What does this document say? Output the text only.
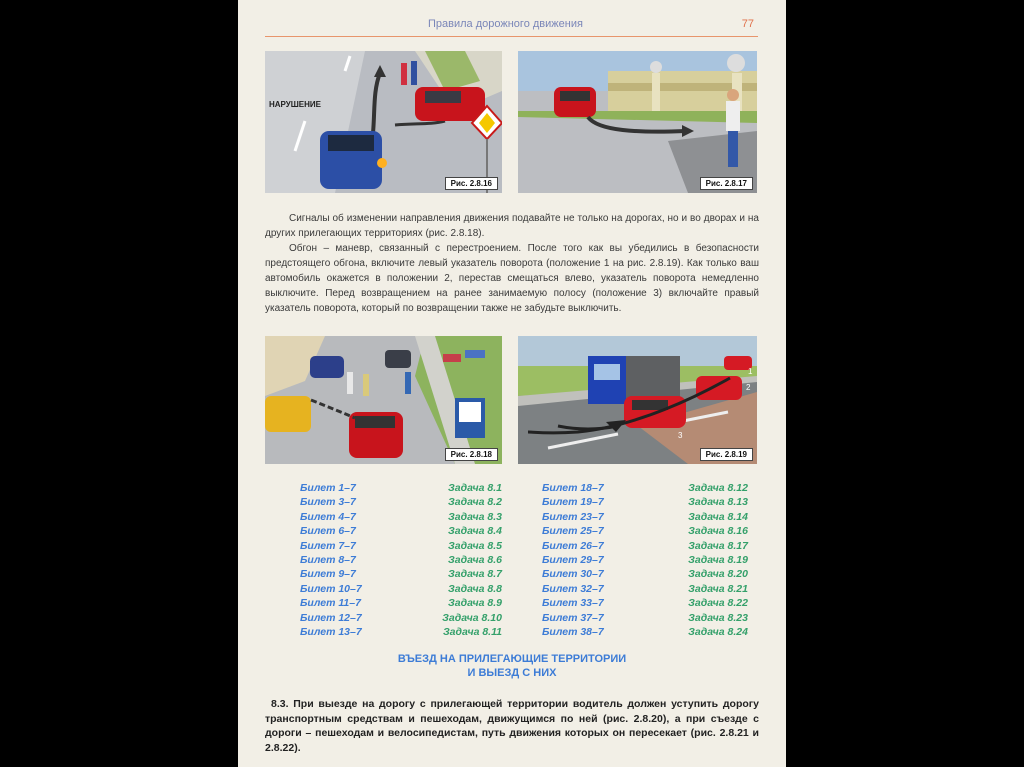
Правила дорожного движения	77
НАРУШЕНИЕ
Рис. 2.8.16	Рис. 2.8.17

Сигналы об изменении направления движения подавайте не только на дорогах, но и во дворах и на других прилегающих территориях (рис. 2.8.18).

Обгон – маневр, связанный с перестроением. После того как вы убедились в безопасности предстоящего обгона, включите левый указатель поворота (положение 1 на рис. 2.8.19). Как только ваш автомобиль окажется в положении 2, перестав смещаться влево, указатель поворота немедленно выключите. Перед возвращением на ранее занимаемую полосу (положение 3) включайте правый указатель поворота, который по возвращении также не забудьте выключить.

Рис. 2.8.18
1
2
3
Рис. 2.8.19
Билет 1–7	Задача 8.1
Билет 3–7	Задача 8.2
Билет 4–7	Задача 8.3
Билет 6–7	Задача 8.4
Билет 7–7	Задача 8.5
Билет 8–7	Задача 8.6
Билет 9–7	Задача 8.7
Билет 10–7	Задача 8.8
Билет 11–7	Задача 8.9
Билет 12–7	Задача 8.10
Билет 13–7	Задача 8.11
Билет 18–7	Задача 8.12
Билет 19–7	Задача 8.13
Билет 23–7	Задача 8.14
Билет 25–7	Задача 8.16
Билет 26–7	Задача 8.17
Билет 29–7	Задача 8.19
Билет 30–7	Задача 8.20
Билет 32–7	Задача 8.21
Билет 33–7	Задача 8.22
Билет 37–7	Задача 8.23
Билет 38–7	Задача 8.24
ВЪЕЗД НА ПРИЛЕГАЮЩИЕ ТЕРРИТОРИИ
И ВЫЕЗД С НИХ

8.3. При выезде на дорогу с прилегающей территории водитель должен уступить дорогу транспортным средствам и пешеходам, движущимся по ней (рис. 2.8.20), а при съезде с дороги – пешеходам и велосипедистам, путь движения которых он пересекает (рис. 2.8.21 и 2.8.22).
